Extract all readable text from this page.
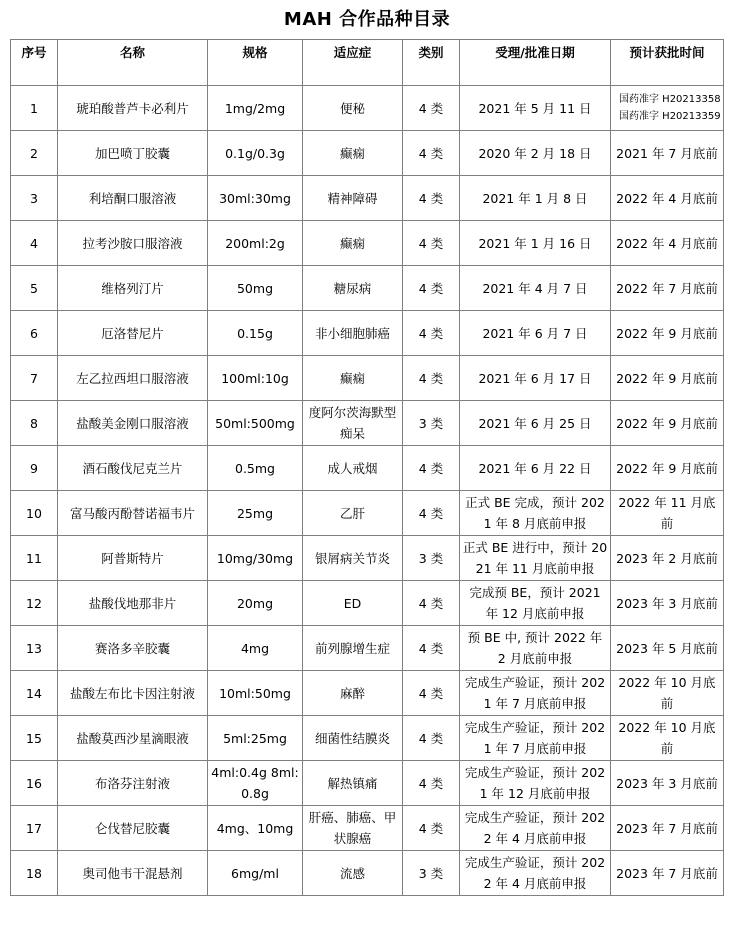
MAH 合作品种目录
序号	名称	规格	适应症	类别	受理/批准日期	预计获批时间
1	琥珀酸普芦卡必利片	1mg/2mg	便秘	4 类	2021 年 5 月 11 日	国药准字 H20213358
国药准字 H20213359

2	加巴喷丁胶囊	0.1g/0.3g	癫痫	4 类	2020 年 2 月 18 日	2021 年 7 月底前
3	利培酮口服溶液	30ml:30mg	精神障碍	4 类	2021 年 1 月 8 日	2022 年 4 月底前
4	拉考沙胺口服溶液	200ml:2g	癫痫	4 类	2021 年 1 月 16 日	2022 年 4 月底前
5	维格列汀片	50mg	糖尿病	4 类	2021 年 4 月 7 日	2022 年 7 月底前
6	厄洛替尼片	0.15g	非小细胞肺癌	4 类	2021 年 6 月 7 日	2022 年 9 月底前
7	左乙拉西坦口服溶液	100ml:10g	癫痫	4 类	2021 年 6 月 17 日	2022 年 9 月底前
8	盐酸美金刚口服溶液	50ml:500mg	度阿尔茨海默型痴呆	3 类	2021 年 6 月 25 日	2022 年 9 月底前
9	酒石酸伐尼克兰片	0.5mg	成人戒烟	4 类	2021 年 6 月 22 日	2022 年 9 月底前
10	富马酸丙酚替诺福韦片	25mg	乙肝	4 类	正式 BE 完成，预计 2021 年 8 月底前申报	2022 年 11 月底前
11	阿普斯特片	10mg/30mg	银屑病关节炎	3 类	正式 BE 进行中，预计 2021 年 11 月底前申报	2023 年 2 月底前
12	盐酸伐地那非片	20mg	ED	4 类	完成预 BE，预计 2021 年 12 月底前申报	2023 年 3 月底前
13	赛洛多辛胶囊	4mg	前列腺增生症	4 类	预 BE 中, 预计 2022 年 2 月底前申报	2023 年 5 月底前
14	盐酸左布比卡因注射液	10ml:50mg	麻醉	4 类	完成生产验证，预计 2021 年 7 月底前申报	2022 年 10 月底前
15	盐酸莫西沙星滴眼液	5ml:25mg	细菌性结膜炎	4 类	完成生产验证，预计 2021 年 7 月底前申报	2022 年 10 月底前
16	布洛芬注射液	4ml:0.4g 8ml:0.8g	解热镇痛	4 类	完成生产验证，预计 2021 年 12 月底前申报	2023 年 3 月底前
17	仑伐替尼胶囊	4mg、10mg	肝癌、肺癌、甲状腺癌	4 类	完成生产验证，预计 2022 年 4 月底前申报	2023 年 7 月底前
18	奥司他韦干混悬剂	6mg/ml	流感	3 类	完成生产验证，预计 2022 年 4 月底前申报	2023 年 7 月底前
